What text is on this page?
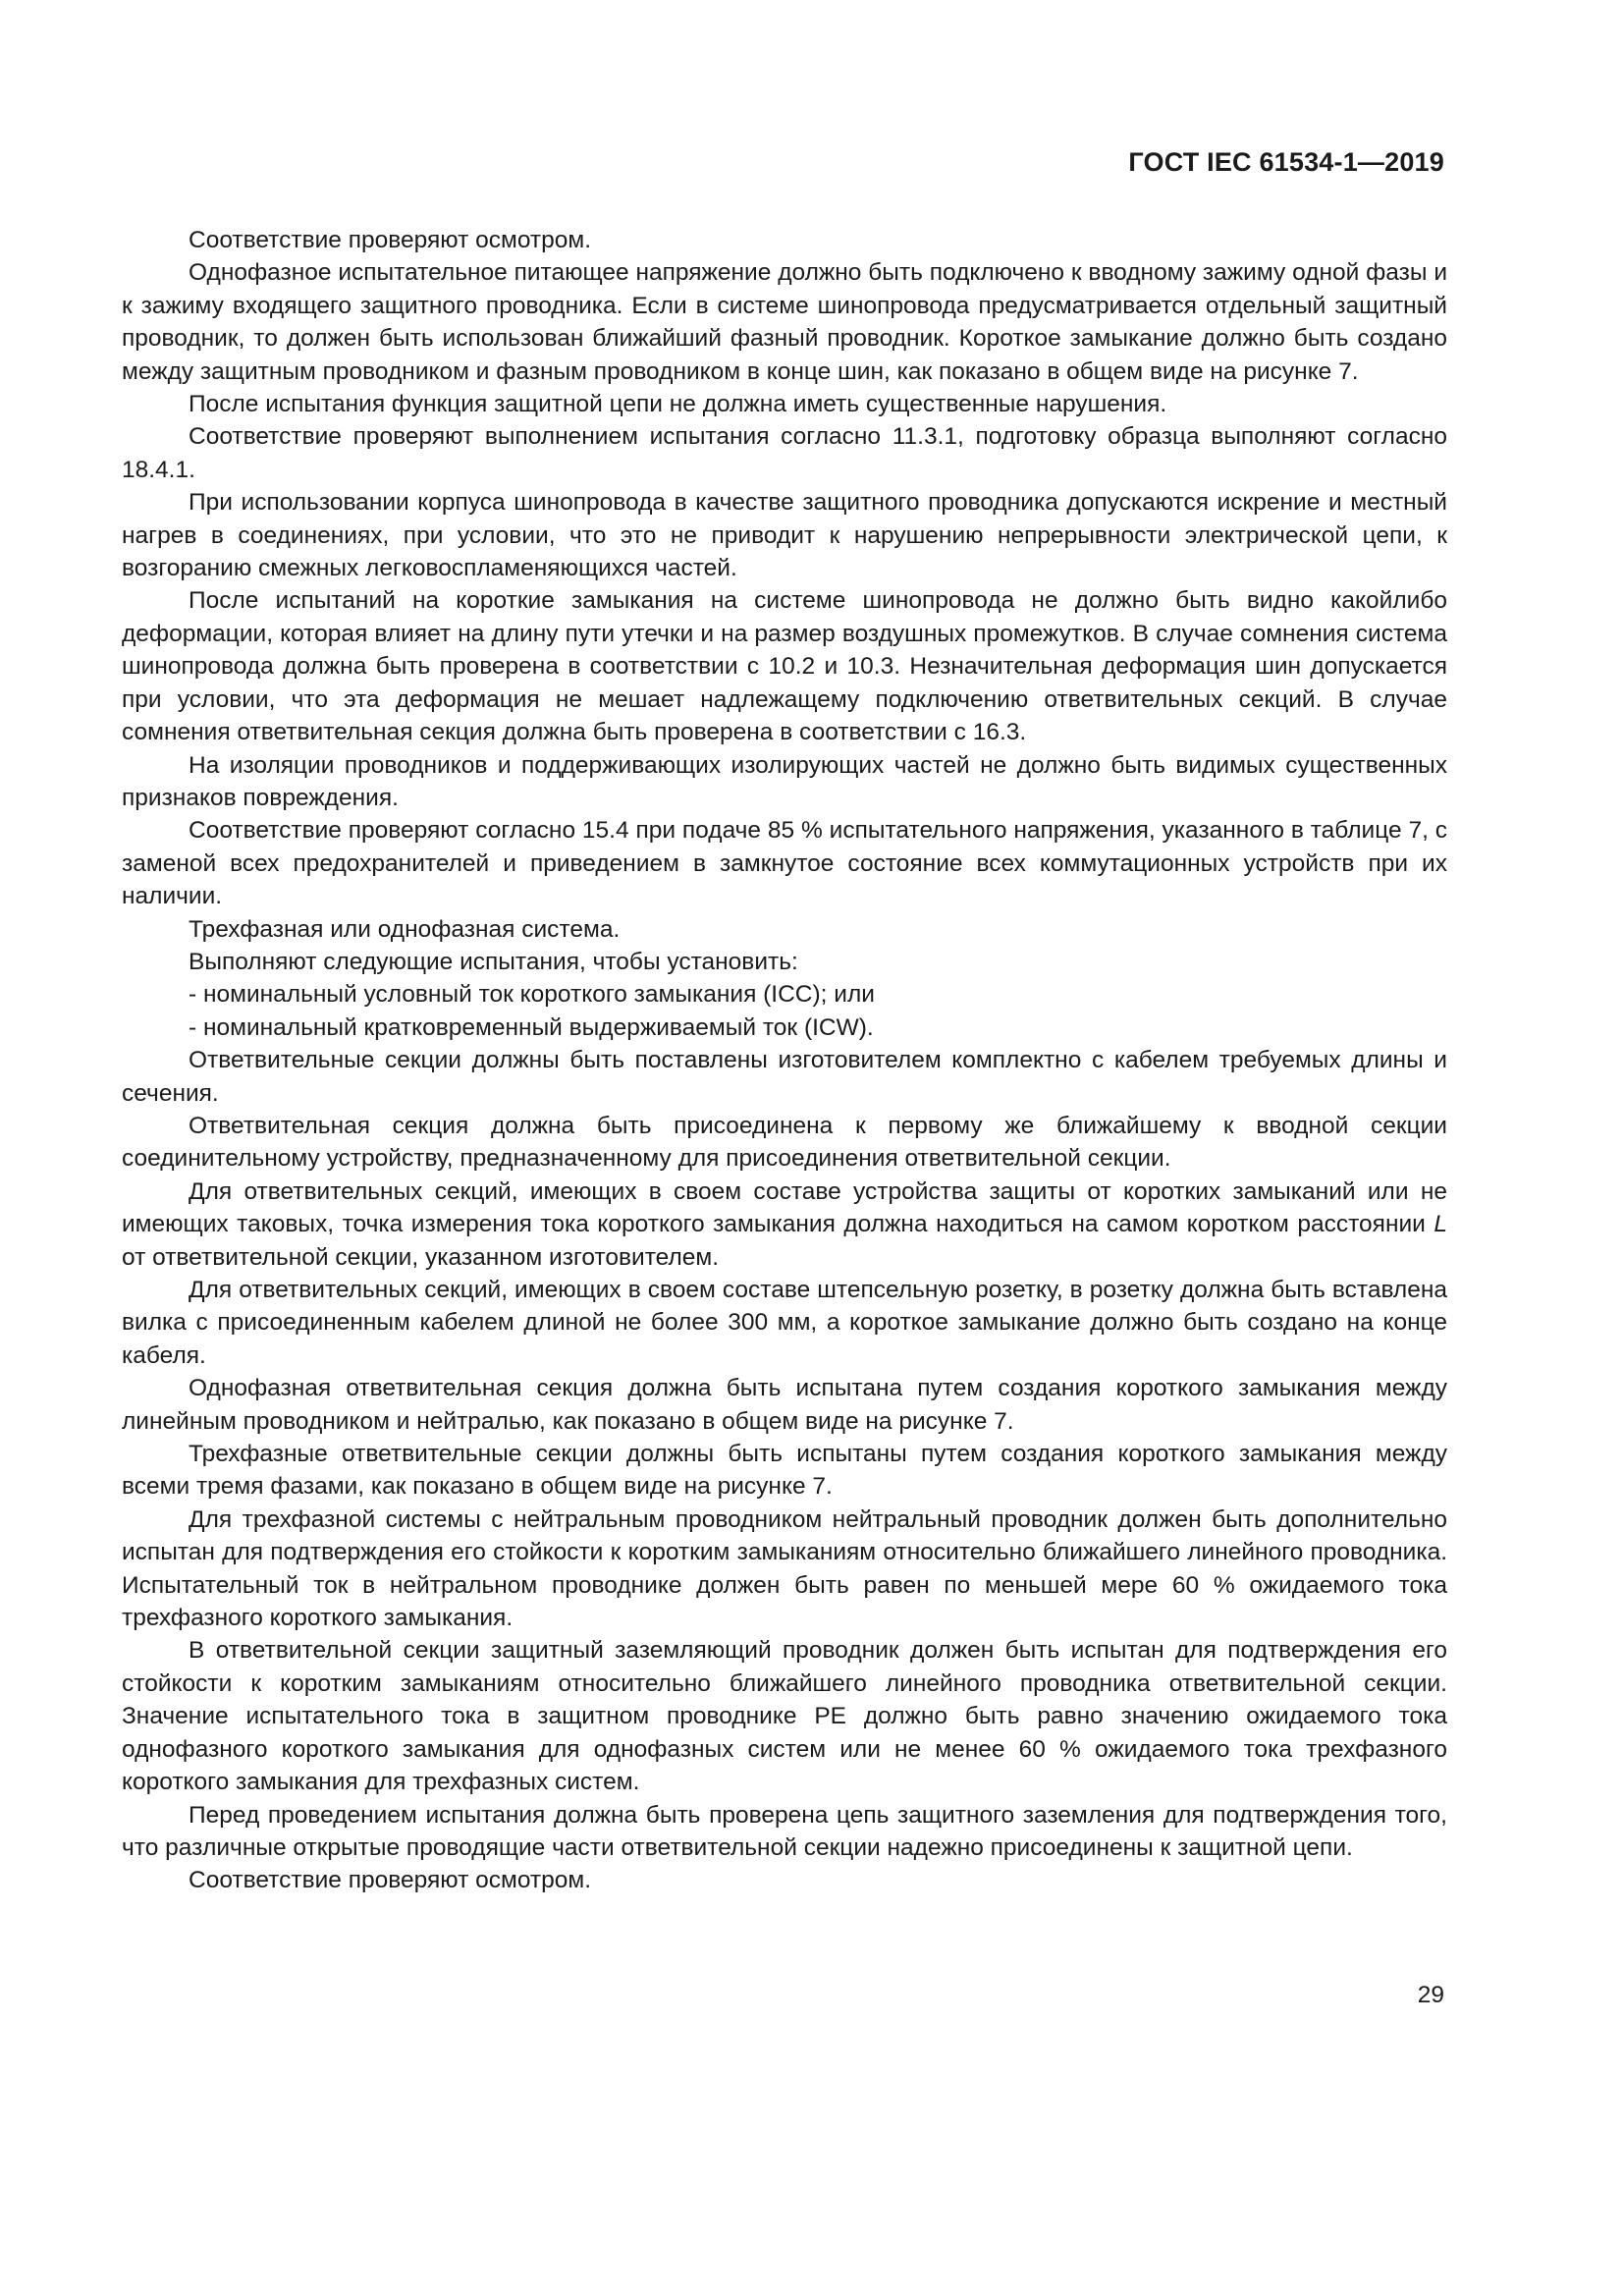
ГОСТ IEC 61534-1—2019

Соответствие проверяют осмотром.

Однофазное испытательное питающее напряжение должно быть подключено к вводному зажиму одной фазы и к зажиму входящего защитного проводника. Если в системе шинопровода предусматривается отдельный защитный проводник, то должен быть использован ближайший фазный проводник. Короткое замыкание должно быть создано между защитным проводником и фазным проводником в конце шин, как показано в общем виде на рисунке 7.

После испытания функция защитной цепи не должна иметь существенные нарушения.

Соответствие проверяют выполнением испытания согласно 11.3.1, подготовку образца выполняют согласно 18.4.1.

При использовании корпуса шинопровода в качестве защитного проводника допускаются искрение и местный нагрев в соединениях, при условии, что это не приводит к нарушению непрерывности электрической цепи, к возгоранию смежных легковоспламеняющихся частей.

После испытаний на короткие замыкания на системе шинопровода не должно быть видно какойлибо деформации, которая влияет на длину пути утечки и на размер воздушных промежутков. В случае сомнения система шинопровода должна быть проверена в соответствии с 10.2 и 10.3. Незначительная деформация шин допускается при условии, что эта деформация не мешает надлежащему подключению ответвительных секций. В случае сомнения ответвительная секция должна быть проверена в соответствии с 16.3.

На изоляции проводников и поддерживающих изолирующих частей не должно быть видимых существенных признаков повреждения.

Соответствие проверяют согласно 15.4 при подаче 85 % испытательного напряжения, указанного в таблице 7, с заменой всех предохранителей и приведением в замкнутое состояние всех коммутационных устройств при их наличии.

Трехфазная или однофазная система.

Выполняют следующие испытания, чтобы установить:

- номинальный условный ток короткого замыкания (ICC); или

- номинальный кратковременный выдерживаемый ток (ICW).

Ответвительные секции должны быть поставлены изготовителем комплектно с кабелем требуемых длины и сечения.

Ответвительная секция должна быть присоединена к первому же ближайшему к вводной секции соединительному устройству, предназначенному для присоединения ответвительной секции.

Для ответвительных секций, имеющих в своем составе устройства защиты от коротких замыканий или не имеющих таковых, точка измерения тока короткого замыкания должна находиться на самом коротком расстоянии L от ответвительной секции, указанном изготовителем.

Для ответвительных секций, имеющих в своем составе штепсельную розетку, в розетку должна быть вставлена вилка с присоединенным кабелем длиной не более 300 мм, а короткое замыкание должно быть создано на конце кабеля.

Однофазная ответвительная секция должна быть испытана путем создания короткого замыкания между линейным проводником и нейтралью, как показано в общем виде на рисунке 7.

Трехфазные ответвительные секции должны быть испытаны путем создания короткого замыкания между всеми тремя фазами, как показано в общем виде на рисунке 7.

Для трехфазной системы с нейтральным проводником нейтральный проводник должен быть дополнительно испытан для подтверждения его стойкости к коротким замыканиям относительно ближайшего линейного проводника. Испытательный ток в нейтральном проводнике должен быть равен по меньшей мере 60 % ожидаемого тока трехфазного короткого замыкания.

В ответвительной секции защитный заземляющий проводник должен быть испытан для подтверждения его стойкости к коротким замыканиям относительно ближайшего линейного проводника ответвительной секции. Значение испытательного тока в защитном проводнике PE должно быть равно значению ожидаемого тока однофазного короткого замыкания для однофазных систем или не менее 60 % ожидаемого тока трехфазного короткого замыкания для трехфазных систем.

Перед проведением испытания должна быть проверена цепь защитного заземления для подтверждения того, что различные открытые проводящие части ответвительной секции надежно присоединены к защитной цепи.

Соответствие проверяют осмотром.

29
